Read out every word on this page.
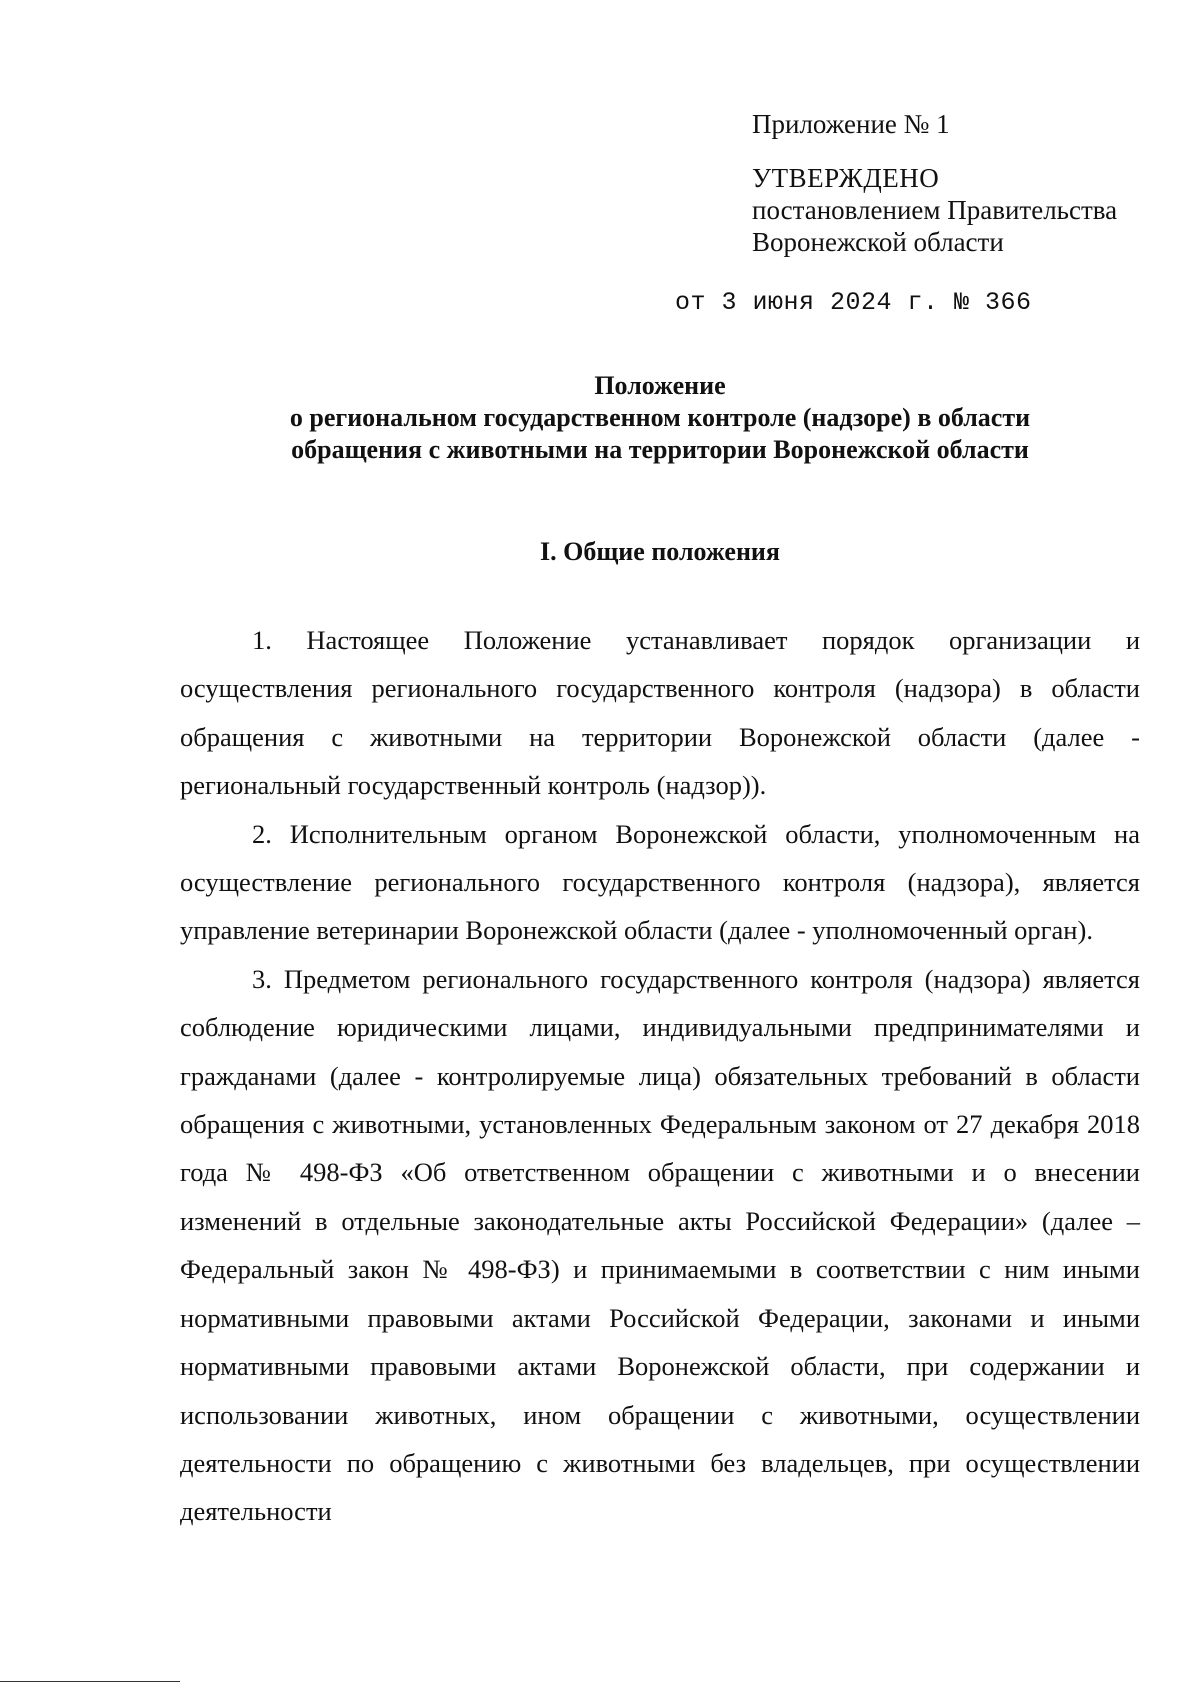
Приложение № 1
УТВЕРЖДЕНО
постановлением Правительства
Воронежской области
от 3 июня 2024 г. № 366
Положение
о региональном государственном контроле (надзоре) в области
обращения с животными на территории Воронежской области
I. Общие положения

1. Настоящее Положение устанавливает порядок организации и осуществления регионального государственного контроля (надзора) в области обращения с животными на территории Воронежской области (далее - региональный государственный контроль (надзор)).

2. Исполнительным органом Воронежской области, уполномоченным на осуществление регионального государственного контроля (надзора), является управление ветеринарии Воронежской области (далее - уполномоченный орган).

3. Предметом регионального государственного контроля (надзора) является соблюдение юридическими лицами, индивидуальными предпринимателями и гражданами (далее - контролируемые лица) обязательных требований в области обращения с животными, установленных Федеральным законом от 27 декабря 2018 года № 498-ФЗ «Об ответственном обращении с животными и о внесении изменений в отдельные законодательные акты Российской Федерации» (далее – Федеральный закон № 498-ФЗ) и принимаемыми в соответствии с ним иными нормативными правовыми актами Российской Федерации, законами и иными нормативными правовыми актами Воронежской области, при содержании и использовании животных, ином обращении с животными, осуществлении деятельности по обращению с животными без владельцев, при осуществлении деятельности
